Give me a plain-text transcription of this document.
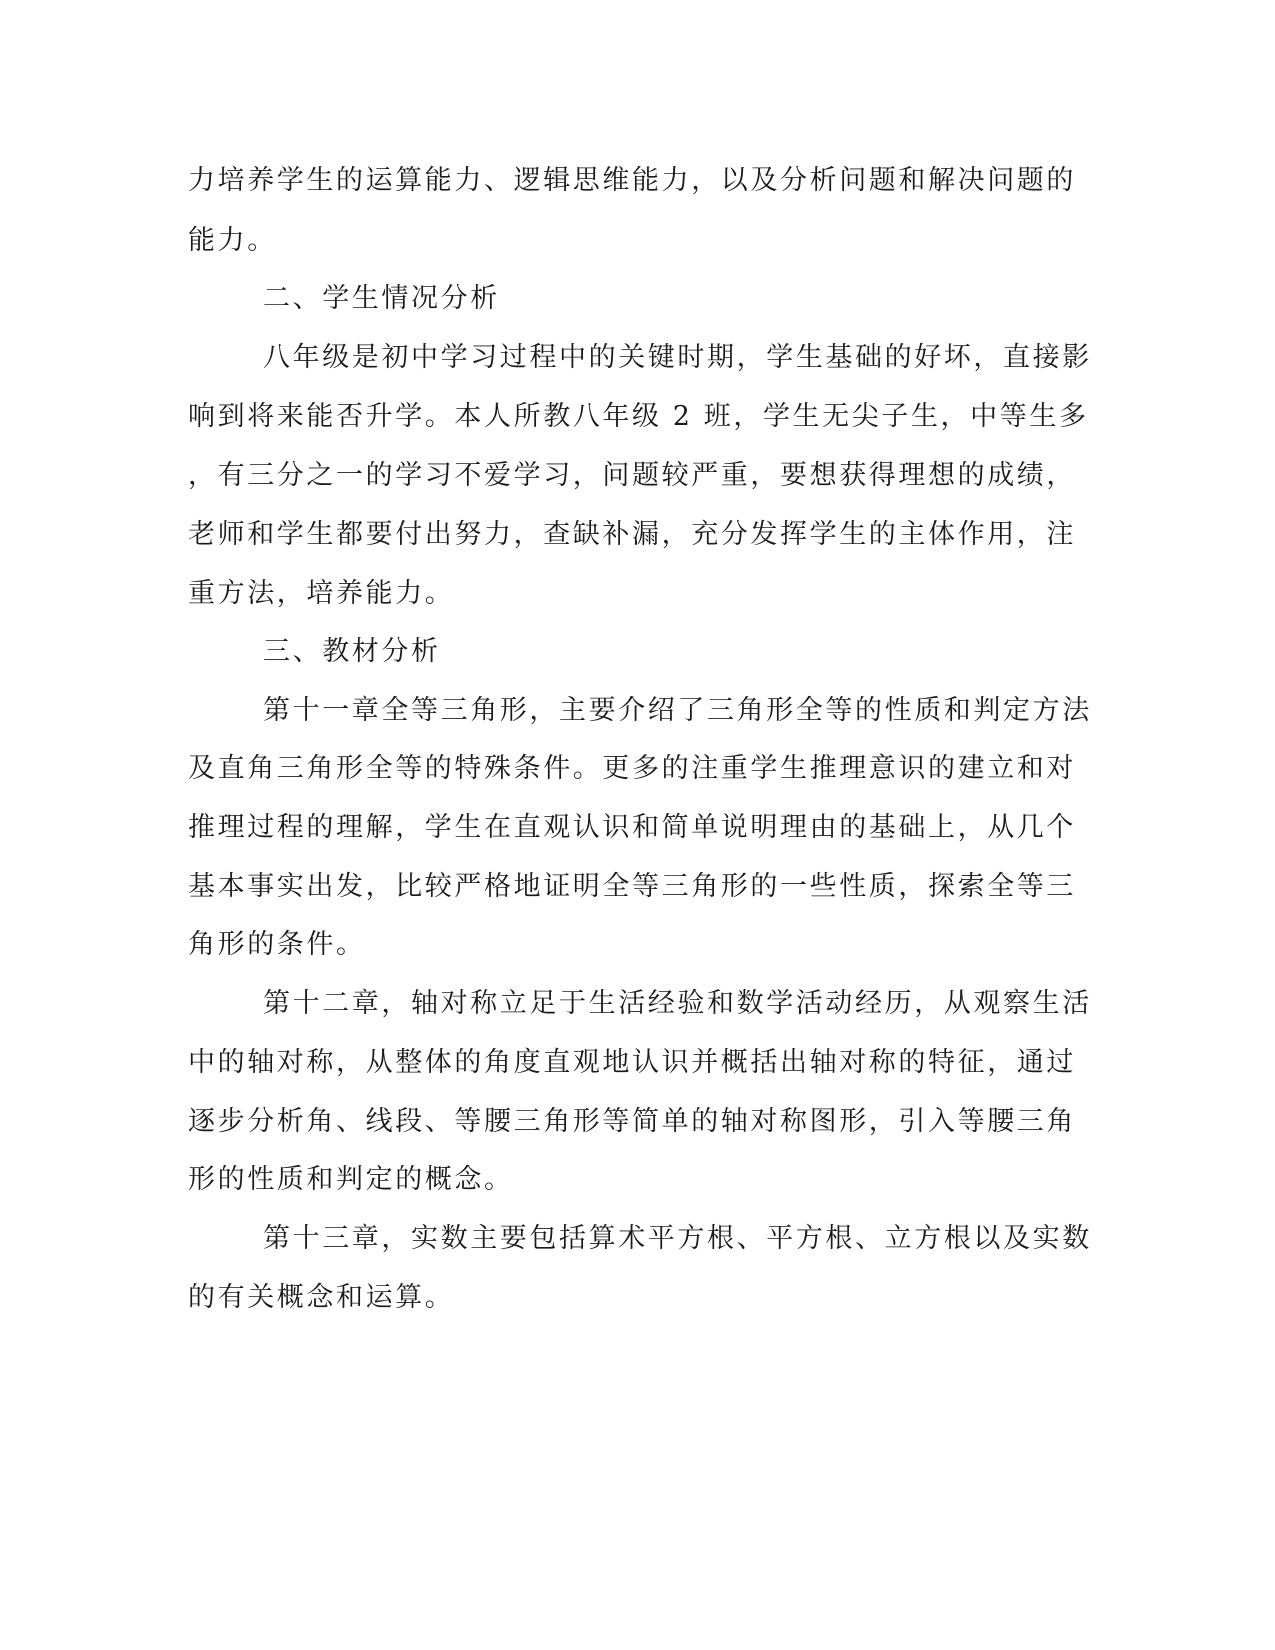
力培养学生的运算能力、逻辑思维能力，以及分析问题和解决问题的
能力。
二、学生情况分析
八年级是初中学习过程中的关键时期，学生基础的好坏，直接影
响到将来能否升学。本人所教八年级 2 班，学生无尖子生，中等生多
，有三分之一的学习不爱学习，问题较严重，要想获得理想的成绩，
老师和学生都要付出努力，查缺补漏，充分发挥学生的主体作用，注
重方法，培养能力。
三、教材分析
第十一章全等三角形，主要介绍了三角形全等的性质和判定方法
及直角三角形全等的特殊条件。更多的注重学生推理意识的建立和对
推理过程的理解，学生在直观认识和简单说明理由的基础上，从几个
基本事实出发，比较严格地证明全等三角形的一些性质，探索全等三
角形的条件。
第十二章，轴对称立足于生活经验和数学活动经历，从观察生活
中的轴对称，从整体的角度直观地认识并概括出轴对称的特征，通过
逐步分析角、线段、等腰三角形等简单的轴对称图形，引入等腰三角
形的性质和判定的概念。
第十三章，实数主要包括算术平方根、平方根、立方根以及实数
的有关概念和运算。
